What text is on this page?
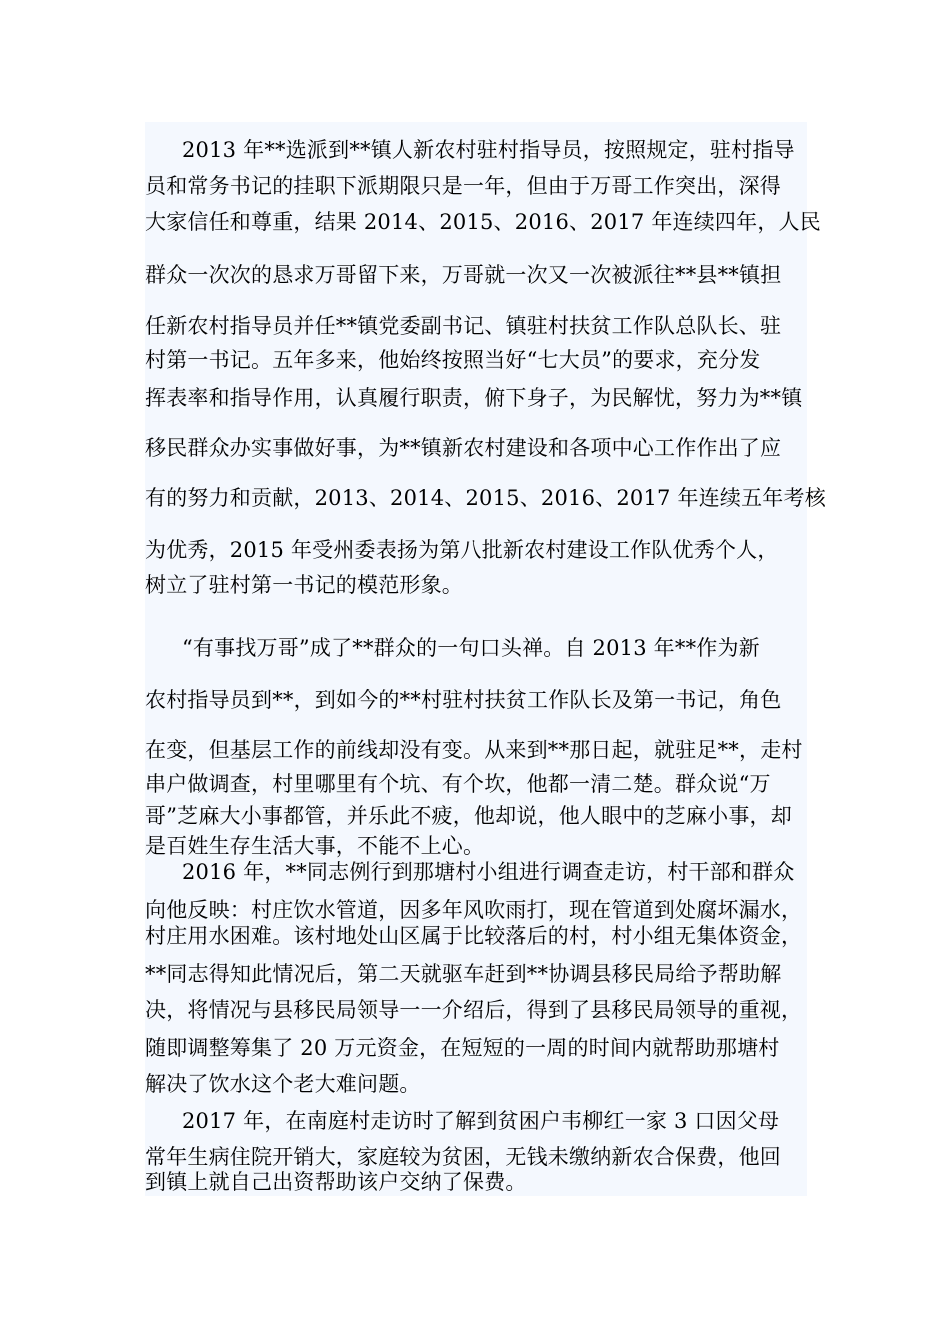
2013 年**选派到**镇人新农村驻村指导员，按照规定，驻村指导
员和常务书记的挂职下派期限只是一年，但由于万哥工作突出，深得
大家信任和尊重，结果 2014、2015、2016、2017 年连续四年，人民
群众一次次的恳求万哥留下来，万哥就一次又一次被派往**县**镇担
任新农村指导员并任**镇党委副书记、镇驻村扶贫工作队总队长、驻
村第一书记。五年多来，他始终按照当好“七大员”的要求，充分发
挥表率和指导作用，认真履行职责，俯下身子，为民解忧，努力为**镇
移民群众办实事做好事，为**镇新农村建设和各项中心工作作出了应
有的努力和贡献，2013、2014、2015、2016、2017 年连续五年考核
为优秀，2015 年受州委表扬为第八批新农村建设工作队优秀个人，
树立了驻村第一书记的模范形象。
“有事找万哥”成了**群众的一句口头禅。自 2013 年**作为新
农村指导员到**，到如今的**村驻村扶贫工作队长及第一书记，角色
在变，但基层工作的前线却没有变。从来到**那日起，就驻足**，走村
串户做调查，村里哪里有个坑、有个坎，他都一清二楚。群众说“万
哥”芝麻大小事都管，并乐此不疲，他却说，他人眼中的芝麻小事，却
是百姓生存生活大事，不能不上心。
2016 年，**同志例行到那塘村小组进行调查走访，村干部和群众
向他反映：村庄饮水管道，因多年风吹雨打，现在管道到处腐坏漏水，
村庄用水困难。该村地处山区属于比较落后的村，村小组无集体资金，
**同志得知此情况后，第二天就驱车赶到**协调县移民局给予帮助解
决，将情况与县移民局领导一一介绍后，得到了县移民局领导的重视，
随即调整筹集了 20 万元资金，在短短的一周的时间内就帮助那塘村
解决了饮水这个老大难问题。
2017 年，在南庭村走访时了解到贫困户韦柳红一家 3 口因父母
常年生病住院开销大，家庭较为贫困，无钱未缴纳新农合保费，他回
到镇上就自己出资帮助该户交纳了保费。
